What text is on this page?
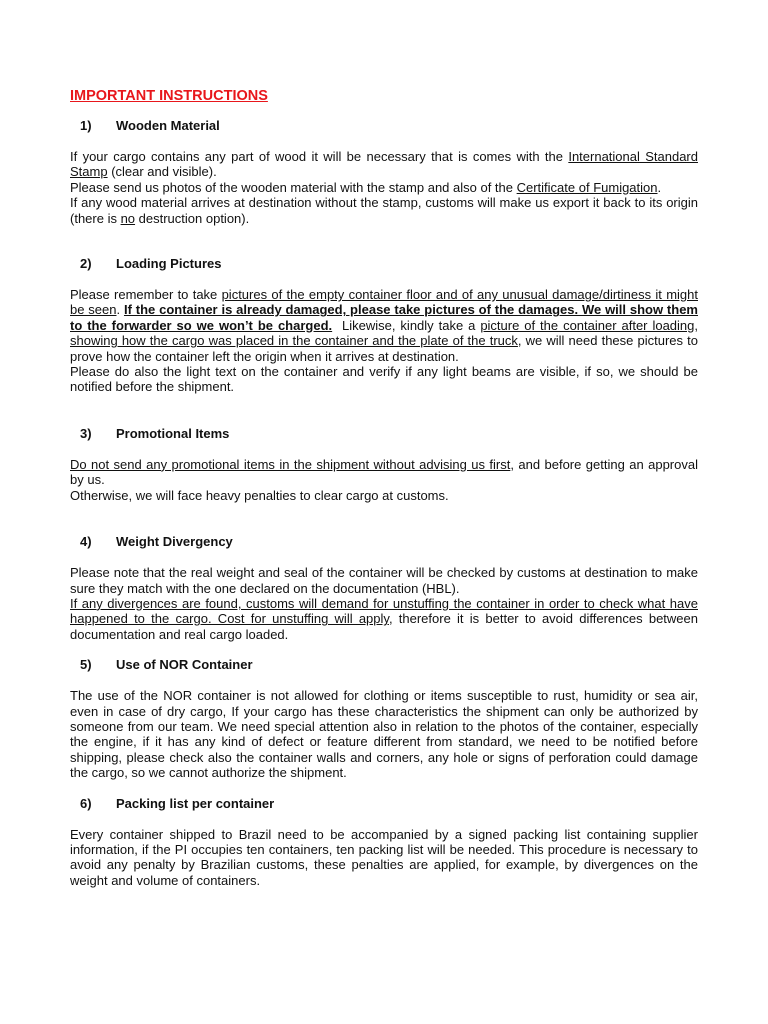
IMPORTANT INSTRUCTIONS
1)	Wooden Material

If your cargo contains any part of wood it will be necessary that is comes with the International Standard Stamp (clear and visible).

Please send us photos of the wooden material with the stamp and also of the Certificate of Fumigation.

If any wood material arrives at destination without the stamp, customs will make us export it back to its origin (there is no destruction option).

2)	Loading Pictures

Please remember to take pictures of the empty container floor and of any unusual damage/dirtiness it might be seen. If the container is already damaged, please take pictures of the damages. We will show them to the forwarder so we won’t be charged.  Likewise, kindly take a picture of the container after loading, showing how the cargo was placed in the container and the plate of the truck, we will need these pictures to prove how the container left the origin when it arrives at destination.

Please do also the light text on the container and verify if any light beams are visible, if so, we should be notified before the shipment.

3)	Promotional Items

Do not send any promotional items in the shipment without advising us first, and before getting an approval by us.

Otherwise, we will face heavy penalties to clear cargo at customs.

4)	Weight Divergency

Please note that the real weight and seal of the container will be checked by customs at destination to make sure they match with the one declared on the documentation (HBL).

If any divergences are found, customs will demand for unstuffing the container in order to check what have happened to the cargo. Cost for unstuffing will apply, therefore it is better to avoid differences between documentation and real cargo loaded.

5)	Use of NOR Container

The use of the NOR container is not allowed for clothing or items susceptible to rust, humidity or sea air, even in case of dry cargo, If your cargo has these characteristics the shipment can only be authorized by someone from our team. We need special attention also in relation to the photos of the container, especially the engine, if it has any kind of defect or feature different from standard, we need to be notified before shipping, please check also the container walls and corners, any hole or signs of perforation could damage the cargo, so we cannot authorize the shipment.

6)	Packing list per container

Every container shipped to Brazil need to be accompanied by a signed packing list containing supplier information, if the PI occupies ten containers, ten packing list will be needed. This procedure is necessary to avoid any penalty by Brazilian customs, these penalties are applied, for example, by divergences on the weight and volume of containers.
